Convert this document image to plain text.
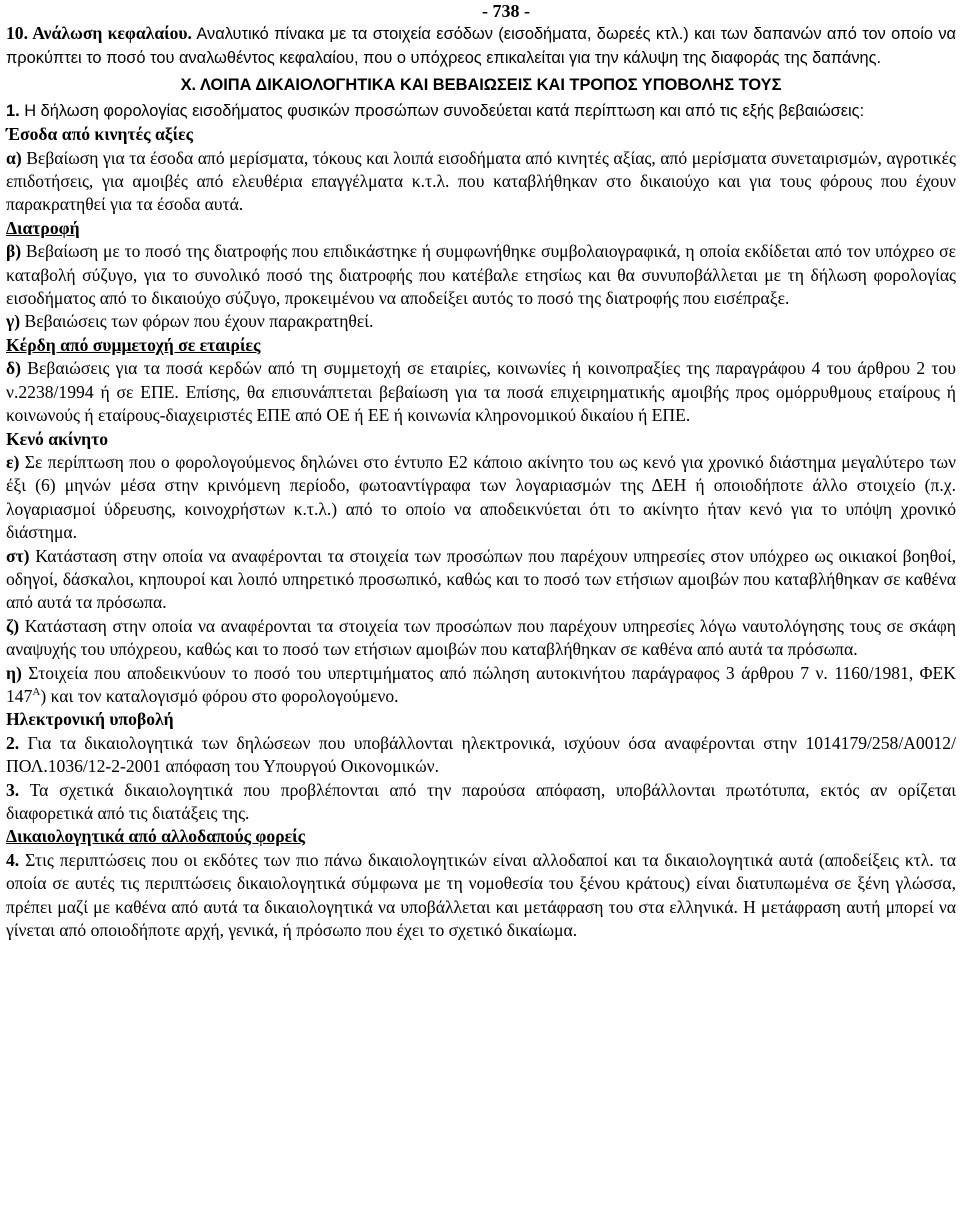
- 738 -

10. Ανάλωση κεφαλαίου. Αναλυτικό πίνακα με τα στοιχεία εσόδων (εισοδήματα, δωρεές κτλ.) και των δαπανών από τον οποίο να προκύπτει το ποσό του αναλωθέντος κεφαλαίου, που ο υπόχρεος επικαλείται για την κάλυψη της διαφοράς της δαπάνης.

Χ. ΛΟΙΠΑ ΔΙΚΑΙΟΛΟΓΗΤΙΚΑ ΚΑΙ ΒΕΒΑΙΩΣΕΙΣ ΚΑΙ ΤΡΟΠΟΣ ΥΠΟΒΟΛΗΣ ΤΟΥΣ

1. Η δήλωση φορολογίας εισοδήματος φυσικών προσώπων συνοδεύεται κατά περίπτωση και από τις εξής βεβαιώσεις:

Έσοδα από κινητές αξίες

α) Βεβαίωση για τα έσοδα από μερίσματα, τόκους και λοιπά εισοδήματα από κινητές αξίας, από μερίσματα συνεταιρισμών, αγροτικές επιδοτήσεις, για αμοιβές από ελευθέρια επαγγέλματα κ.τ.λ. που καταβλήθηκαν στο δικαιούχο και για τους φόρους που έχουν παρακρατηθεί για τα έσοδα αυτά.

Διατροφή

β) Βεβαίωση με το ποσό της διατροφής που επιδικάστηκε ή συμφωνήθηκε συμβολαιογραφικά, η οποία εκδίδεται από τον υπόχρεο σε καταβολή σύζυγο, για το συνολικό ποσό της διατροφής που κατέβαλε ετησίως και θα συνυποβάλλεται με τη δήλωση φορολογίας εισοδήματος από το δικαιούχο σύζυγο, προκειμένου να αποδείξει αυτός το ποσό της διατροφής που εισέπραξε.

γ) Βεβαιώσεις των φόρων που έχουν παρακρατηθεί.

Κέρδη από συμμετοχή σε εταιρίες

δ) Βεβαιώσεις για τα ποσά κερδών από τη συμμετοχή σε εταιρίες, κοινωνίες ή κοινοπραξίες της παραγράφου 4 του άρθρου 2 του ν.2238/1994 ή σε ΕΠΕ. Επίσης, θα επισυνάπτεται βεβαίωση για τα ποσά επιχειρηματικής αμοιβής προς ομόρρυθμους εταίρους ή κοινωνούς ή εταίρους-διαχειριστές ΕΠΕ από ΟΕ ή ΕΕ ή κοινωνία κληρονομικού δικαίου ή ΕΠΕ.

Κενό ακίνητο

ε) Σε περίπτωση που ο φορολογούμενος δηλώνει στο έντυπο Ε2 κάποιο ακίνητο του ως κενό για χρονικό διάστημα μεγαλύτερο των έξι (6) μηνών μέσα στην κρινόμενη περίοδο, φωτοαντίγραφα των λογαριασμών της ΔΕΗ ή οποιοδήποτε άλλο στοιχείο (π.χ. λογαριασμοί ύδρευσης, κοινοχρήστων κ.τ.λ.) από το οποίο να αποδεικνύεται ότι το ακίνητο ήταν κενό για το υπόψη χρονικό διάστημα.

στ) Κατάσταση στην οποία να αναφέρονται τα στοιχεία των προσώπων που παρέχουν υπηρεσίες στον υπόχρεο ως οικιακοί βοηθοί, οδηγοί, δάσκαλοι, κηπουροί και λοιπό υπηρετικό προσωπικό, καθώς και το ποσό των ετήσιων αμοιβών που καταβλήθηκαν σε καθένα από αυτά τα πρόσωπα.

ζ) Κατάσταση στην οποία να αναφέρονται τα στοιχεία των προσώπων που παρέχουν υπηρεσίες λόγω ναυτολόγησης τους σε σκάφη αναψυχής του υπόχρεου, καθώς και το ποσό των ετήσιων αμοιβών που καταβλήθηκαν σε καθένα από αυτά τα πρόσωπα.

η) Στοιχεία που αποδεικνύουν το ποσό του υπερτιμήματος από πώληση αυτοκινήτου παράγραφος 3 άρθρου 7 ν. 1160/1981, ΦΕΚ $147^A$) και τον καταλογισμό φόρου στο φορολογούμενο.

Ηλεκτρονική υποβολή

2. Για τα δικαιολογητικά των δηλώσεων που υποβάλλονται ηλεκτρονικά, ισχύουν όσα αναφέρονται στην 1014179/258/Α0012/ΠΟΛ.1036/12-2-2001 απόφαση του Υπουργού Οικονομικών.

3. Τα σχετικά δικαιολογητικά που προβλέπονται από την παρούσα απόφαση, υποβάλλονται πρωτότυπα, εκτός αν ορίζεται διαφορετικά από τις διατάξεις της.

Δικαιολογητικά από αλλοδαπούς φορείς

4. Στις περιπτώσεις που οι εκδότες των πιο πάνω δικαιολογητικών είναι αλλοδαποί και τα δικαιολογητικά αυτά (αποδείξεις κτλ. τα οποία σε αυτές τις περιπτώσεις δικαιολογητικά σύμφωνα με τη νομοθεσία του ξένου κράτους) είναι διατυπωμένα σε ξένη γλώσσα, πρέπει μαζί με καθένα από αυτά τα δικαιολογητικά να υποβάλλεται και μετάφραση του στα ελληνικά. Η μετάφραση αυτή μπορεί να γίνεται από οποιοδήποτε αρχή, γενικά, ή πρόσωπο που έχει το σχετικό δικαίωμα.
